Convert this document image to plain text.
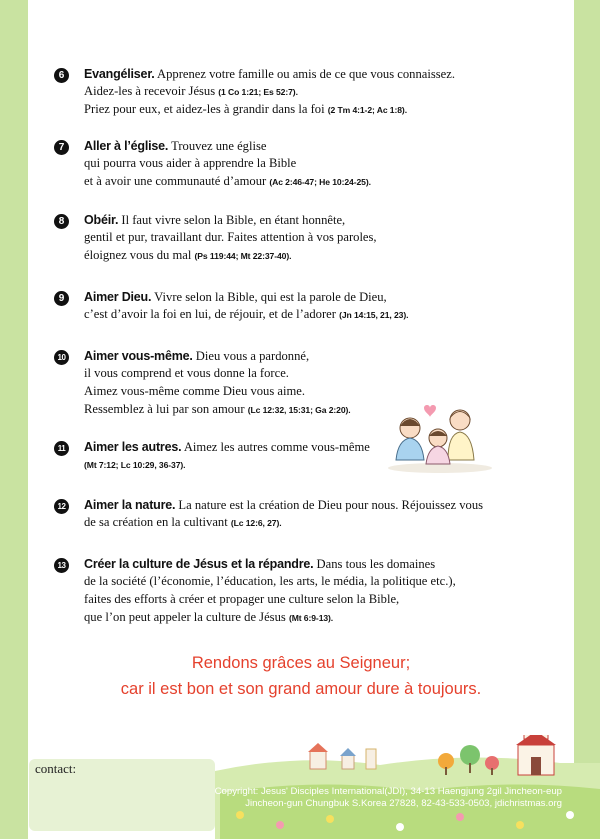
6	Evangéliser. Apprenez votre famille ou amis de ce que vous connaissez.
Aidez-les à recevoir Jésus (1 Co 1:21; Es 52:7).
Priez pour eux, et aidez-les à grandir dans la foi (2 Tm 4:1-2; Ac 1:8).
7	Aller à l’église. Trouvez une église
qui pourra vous aider à apprendre la Bible
et à avoir une communauté d’amour (Ac 2:46-47; He 10:24-25).
8	Obéir. Il faut vivre selon la Bible, en étant honnête,
gentil et pur, travaillant dur. Faites attention à vos paroles,
éloignez vous du mal (Ps 119:44; Mt 22:37-40).
9	Aimer Dieu. Vivre selon la Bible, qui est la parole de Dieu,
c’est d’avoir la foi en lui, de réjouir, et de l’adorer (Jn 14:15, 21, 23).
10 Aimer vous-même. Dieu vous a pardonné,
il vous comprend et vous donne la force.
Aimez vous-même comme Dieu vous aime.
Ressemblez à lui par son amour (Lc 12:32, 15:31; Ga 2:20).
11	Aimer les autres. Aimez les autres comme vous-même
(Mt 7:12; Lc 10:29, 36-37).
12 Aimer la nature. La nature est la création de Dieu pour nous. Réjouissez vous
de sa création en la cultivant (Lc 12:6, 27).
13 Créer la culture de Jésus et la répandre. Dans tous les domaines
de la société (l’économie, l’éducation, les arts, le média, la politique etc.),
faites des efforts à créer et propager une culture selon la Bible,
que l’on peut appeler la culture de Jésus (Mt 6:9-13).
Rendons grâces au Seigneur;
car il est bon et son grand amour dure à toujours.
contact:
Copyright: Jesus' Disciples International(JDI), 34-13 Haengjung 2gil Jincheon-eup
Jincheon-gun Chungbuk S.Korea 27828, 82-43-533-0503, jdichristmas.org
